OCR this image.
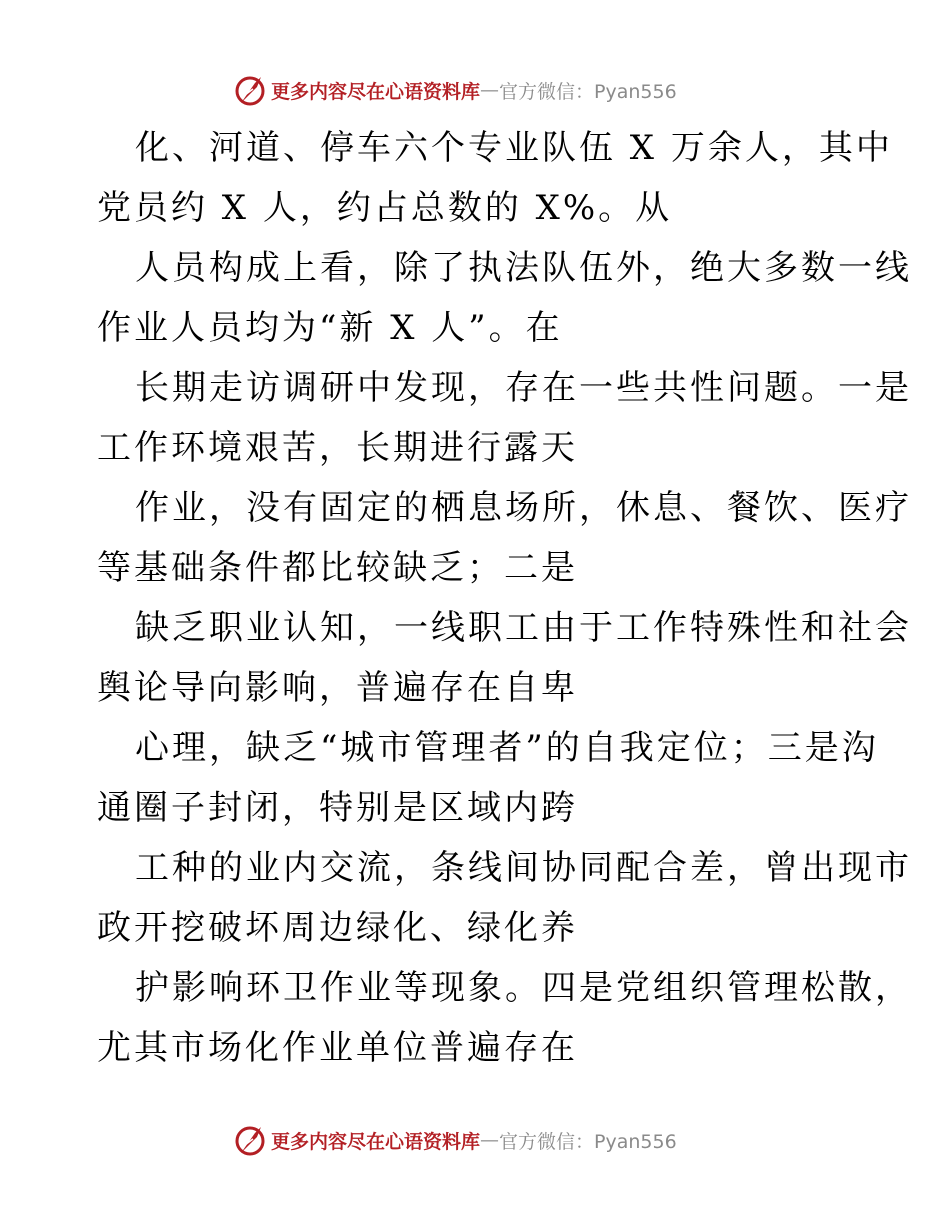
更多内容尽在心语资料库 — 官方微信：Pyan556
化、河道、停车六个专业队伍 X 万余人，其中
党员约 X 人，约占总数的 X%。从
人员构成上看，除了执法队伍外，绝大多数一线
作业人员均为“新 X 人”。在
长期走访调研中发现，存在一些共性问题。一是
工作环境艰苦，长期进行露天
作业，没有固定的栖息场所，休息、餐饮、医疗
等基础条件都比较缺乏；二是
缺乏职业认知，一线职工由于工作特殊性和社会
舆论导向影响，普遍存在自卑
心理，缺乏“城市管理者”的自我定位；三是沟
通圈子封闭，特别是区域内跨
工种的业内交流，条线间协同配合差，曾出现市
政开挖破坏周边绿化、绿化养
护影响环卫作业等现象。四是党组织管理松散，
尤其市场化作业单位普遍存在
更多内容尽在心语资料库 — 官方微信：Pyan556
